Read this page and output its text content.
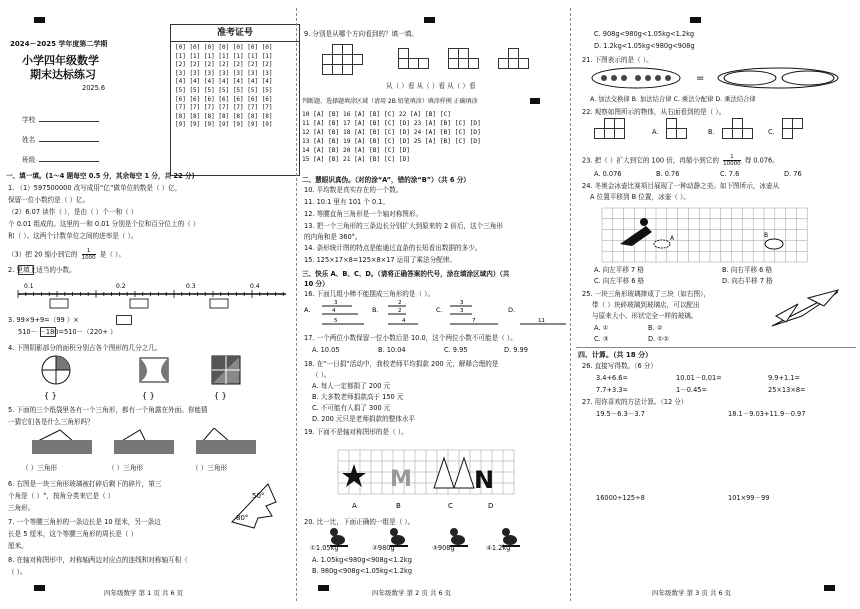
2024－2025 学年度第二学期
小学四年级数学
期末达标练习
2025.6
学校
姓名
班级
准考证号
[0] [0] [0] [0] [0] [0] [0]
[1] [1] [1] [1] [1] [1] [1]
[2] [2] [2] [2] [2] [2] [2]
[3] [3] [3] [3] [3] [3] [3]
[4] [4] [4] [4] [4] [4] [4]
[5] [5] [5] [5] [5] [5] [5]
[6] [6] [6] [6] [6] [6] [6]
[7] [7] [7] [7] [7] [7] [7]
[8] [8] [8] [8] [8] [8] [8]
[9] [9] [9] [9] [9] [9] [9]
一、填一填。(1～4 题每空 0.5 分，其余每空 1 分，共 22 分)
1. （1）597500000 改写成用“亿”做单位的数是（ ）亿，
保留一位小数约是（ ）亿。
（2）6.07 读作（ ），是由（ ）个一和（ ）
个 0.01 组成的。这里的一和 0.01 分别是个位和百分位上的（ ）
和（ ）。这两个计数单位之间的进率是（ ）。
（3）把 20 缩小到它的 $\frac{1}{1000}$ 是（ ）。
2. 里填上适当的小数。
0.1	0.2	0.3	0.4
3. 99×9+9=（99 ）×
510－ －180=510－（220+ ）
4. 下图阴影部分的面积分别占各个图形的几分之几。
{ }	{ }	{ }
5. 下面的三个纸袋里各有一个三角形，都有一个角露在外面。你能猜
一猜它们各是什么三角形吗？
（ ）三角形	（ ）三角形	（ ）三角形
6. 右图是一块三角形玻璃被打碎后剩下的碎片，第三
个角是（ ）°，按角分类来它是（ ）
三角形。
50°
80°
7. 一个等腰三角形的一条边长是 10 厘米，另一条边
长是 5 厘米，这个等腰三角形的周长是（ ）
厘米。
8. 在轴对称图形中，对称轴两边对应点的连线和对称轴互相（
（ ）。
四年级数学 第 1 页 共 6 页
9. 分别是从哪个方向看到的？填一填。
从（ ）看 从（ ）看 从（ ）看
判断题、选择题填涂区域（请用 2B 铅笔填涂）填涂样例 正确填涂
10 [A] [B] 16 [A] [B] [C] 22 [A] [B] [C]
11 [A] [B] 17 [A] [B] [C] [D] 23 [A] [B] [C] [D]
12 [A] [B] 18 [A] [B] [C] [D] 24 [A] [B] [C] [D]
13 [A] [B] 19 [A] [B] [C] [D] 25 [A] [B] [C] [D]
14 [A] [B] 20 [A] [B] [C] [D]
15 [A] [B] 21 [A] [B] [C] [D]
二、慧眼识真伪。（对的涂“A”，错的涂“B”）（共 6 分）
10. 平均数是真实存在的一个数。
11. 10.1 里有 101 个 0.1。
12. 等腰直角三角形是一个轴对称图形。
13. 把一个三角形的三条边长分别扩大到原来的 2 倍后，这个三角形
的内角和是 360°。
14. 条形统计图的特点是能通过直条的长短看出数据的多少。
15. 125×17×8=125×8×17 运用了乘法分配律。
三、快乐 A、B、C、D。（请将正确答案的代号，涂在填涂区域内）（共
10 分）
16. 下面几组小棒不能摆成三角形的是（ ）。
A.
3
4
5
B.
2
2
4
C.
3
3
7
D.
11
17. 一个两位小数保留一位小数后是 10.0，这个两位小数不可能是（ ）。
A. 10.05	B. 10.04	C. 9.95	D. 9.99
18. 在“一日捐”活动中，我校老师平均捐款 200 元，解释合理的是
（ ）。
A. 每人一定都捐了 200 元
B. 大多数老师捐款高于 150 元
C. 不可能有人捐了 300 元
D. 200 元只是老师捐款的整体水平
19. 下面不是轴对称图形的是（ ）。
M	N
A	B	C	D
20. 比一比，下面正确的一组是（ ）。
①1.05kg	②980g	③908g	④1.2kg
A. 1.05kg<980g<908g<1.2kg
B. 980g<908g<1.05kg<1.2kg
四年级数学 第 2 页 共 6 页
C. 908g<980g<1.05kg<1.2kg
D. 1.2kg<1.05kg<980g<908g
21. 下图表示的是（ ）。
=
A. 加法交换律 B. 加法结合律 C. 乘法分配律 D. 乘法结合律
22. 观察如图所示的物体，从右面看到的是（ ）。
A.	B.	C.
23. 把（ ）扩大到它的 100 倍，再缩小到它的 $\frac{1}{10000}$ 得 0.076。
A. 0.076	B. 0.76	C. 7.6	D. 76
24. 冬奥会冰壶比赛项目展现了一种动静之美。如下图所示，冰壶从
A 位置平移到 B 位置，冰壶（ ）。
A	B
A. 向左平移 7 格	B. 向右平移 6 格
C. 向左平移 6 格	D. 向右平移 7 格
25. 一块三角形玻璃摔成了三块（如右图），
带（ ）块碎玻璃到玻璃店，可以配出
与原来大小、形状完全一样的玻璃。
A. ①	B. ②
C. ③	D. ①②
四、计算。（共 18 分）
26. 直接写得数。（6 分）
3.4+6.6=	10.01－0.01=	9.9+1.1=
7.7+3.3=	1－0.45=	25×13×8=
27. 用你喜欢的方法计算。（12 分）
19.5－6.3－3.7	18.1－9.03+11.9－0.97
16000÷125÷8	101×99－99
四年级数学 第 3 页 共 6 页
